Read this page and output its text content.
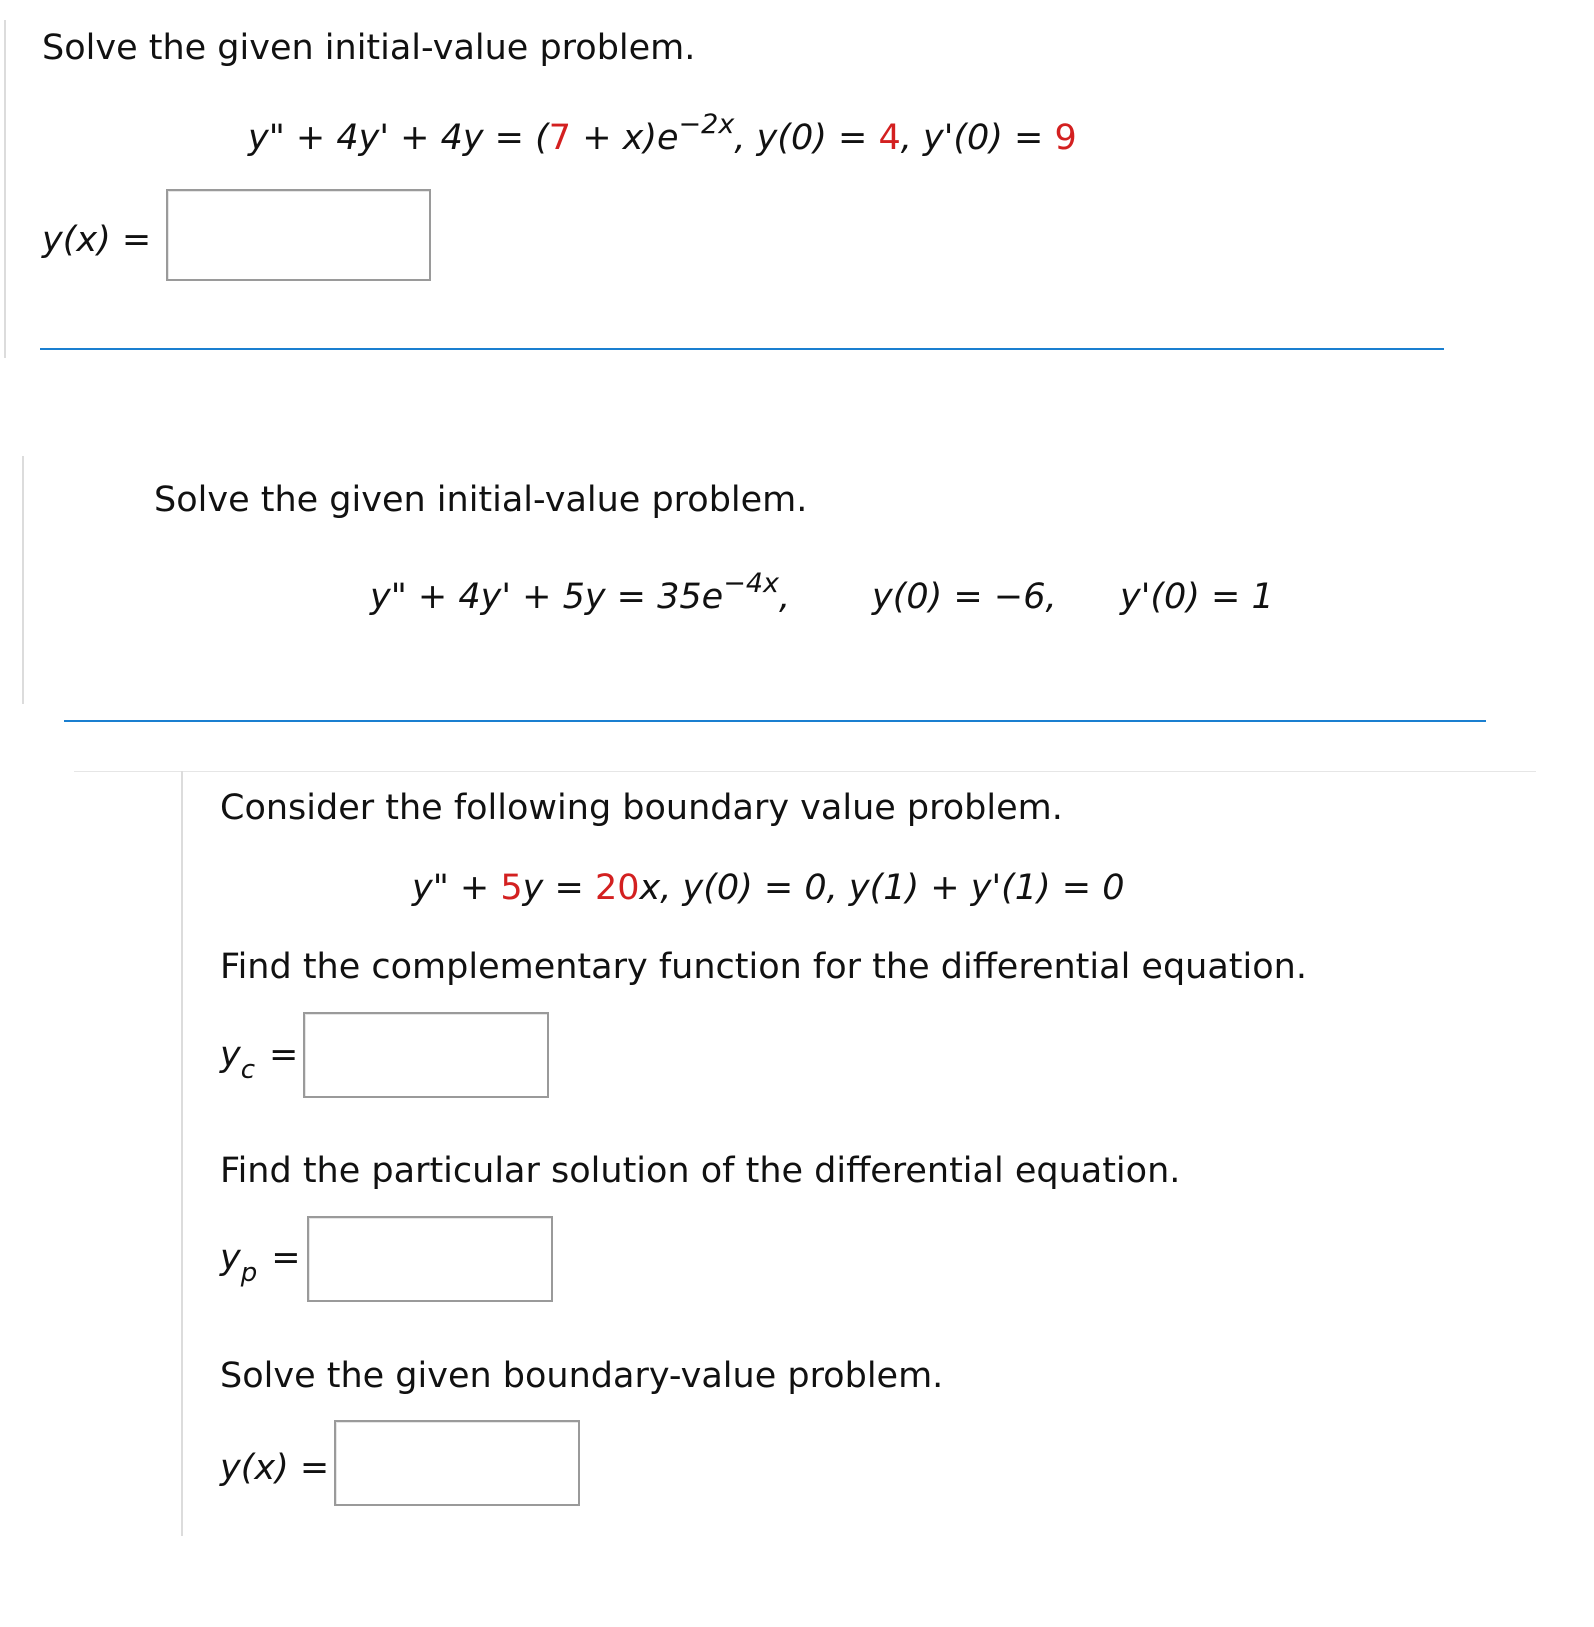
Solve the given initial-value problem.
y" + $4y' + 4y = (7 + x)e^{-2x}$, y(0) = 4, y'(0) = 9
y(x) =
Solve the given initial-value problem.
y" + $4y' + 5y = 35e^{-4x}$, y(0) = −6, y'(0) = 1
Consider the following boundary value problem.
y" + 5y = 20x, y(0) = 0, y(1) + y'(1) = 0
Find the complementary function for the differential equation.
$y_c$ =
Find the particular solution of the differential equation.
$y_p$ =
Solve the given boundary-value problem.
y(x) =
